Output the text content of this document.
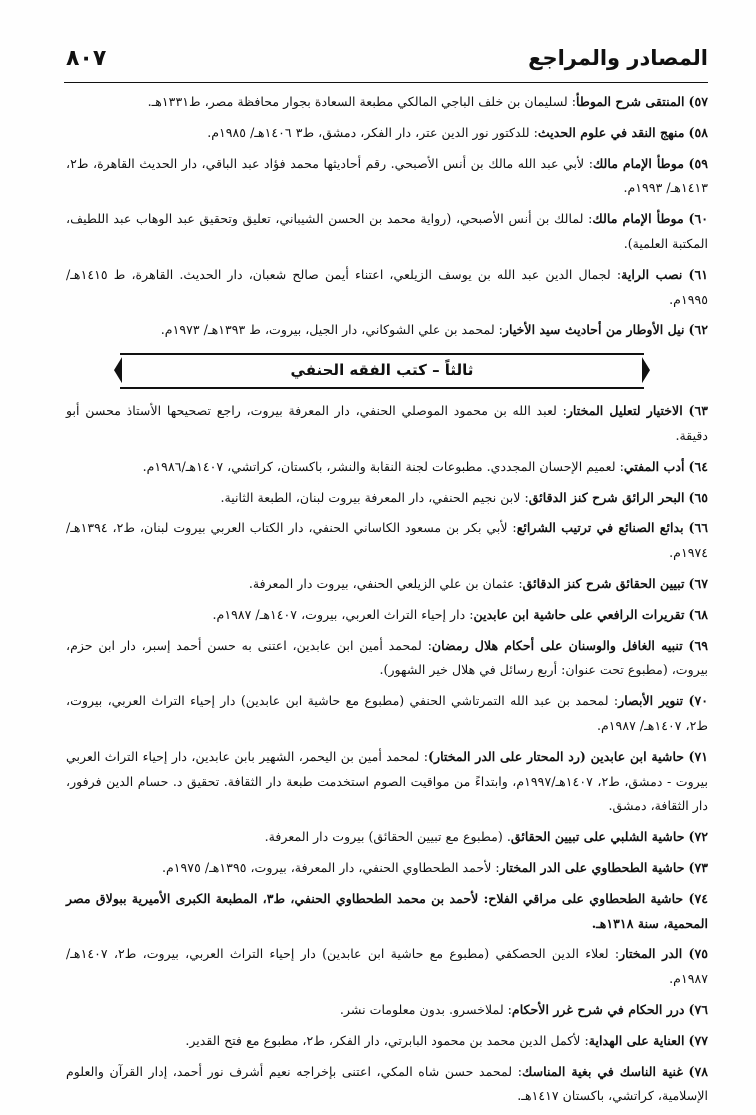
٨٠٧	المصادر والمراجع

٥٧) المنتقى شرح الموطأ: لسليمان بن خلف الباجي المالكي مطبعة السعادة بجوار محافظة مصر، ط١٣٣١هـ.

٥٨) منهج النقد في علوم الحديث: للدكتور نور الدين عتر، دار الفكر، دمشق، ط٣ ١٤٠٦هـ/ ١٩٨٥م.

٥٩) موطأ الإمام مالك: لأبي عبد الله مالك بن أنس الأصبحي. رقم أحاديثها محمد فؤاد عبد الباقي، دار الحديث القاهرة، ط٢، ١٤١٣هـ/ ١٩٩٣م.

٦٠) موطأ الإمام مالك: لمالك بن أنس الأصبحي، (رواية محمد بن الحسن الشيباني، تعليق وتحقيق عبد الوهاب عبد اللطيف، المكتبة العلمية).

٦١) نصب الراية: لجمال الدين عبد الله بن يوسف الزيلعي، اعتناء أيمن صالح شعبان، دار الحديث. القاهرة، ط ١٤١٥هـ/ ١٩٩٥م.

٦٢) نيل الأوطار من أحاديث سيد الأخيار: لمحمد بن علي الشوكاني، دار الجيل، بيروت، ط ١٣٩٣هـ/ ١٩٧٣م.

ثالثاً – كتب الفقه الحنفي

٦٣) الاختيار لتعليل المختار: لعبد الله بن محمود الموصلي الحنفي، دار المعرفة بيروت، راجع تصحيحها الأستاذ محسن أبو دقيقة.

٦٤) أدب المفتي: لعميم الإحسان المجددي. مطبوعات لجنة النقابة والنشر، باكستان، كراتشي، ١٤٠٧هـ/١٩٨٦م.

٦٥) البحر الرائق شرح كنز الدقائق: لابن نجيم الحنفي، دار المعرفة بيروت لبنان، الطبعة الثانية.

٦٦) بدائع الصنائع في ترتيب الشرائع: لأبي بكر بن مسعود الكاساني الحنفي، دار الكتاب العربي بيروت لبنان، ط٢، ١٣٩٤هـ/ ١٩٧٤م.

٦٧) تبيين الحقائق شرح كنز الدقائق: عثمان بن علي الزيلعي الحنفي، بيروت دار المعرفة.

٦٨) تقريرات الرافعي على حاشية ابن عابدين: دار إحياء التراث العربي، بيروت، ١٤٠٧هـ/ ١٩٨٧م.

٦٩) تنبيه الغافل والوسنان على أحكام هلال رمضان: لمحمد أمين ابن عابدين، اعتنى به حسن أحمد إسبر، دار ابن حزم، بيروت، (مطبوع تحت عنوان: أربع رسائل في هلال خير الشهور).

٧٠) تنوير الأبصار: لمحمد بن عبد الله التمرتاشي الحنفي (مطبوع مع حاشية ابن عابدين) دار إحياء التراث العربي، بيروت، ط٢، ١٤٠٧هـ/ ١٩٨٧م.

٧١) حاشية ابن عابدين (رد المحتار على الدر المختار): لمحمد أمين بن اليحمر، الشهير بابن عابدين، دار إحياء التراث العربي بيروت - دمشق، ط٢، ١٤٠٧هـ/١٩٩٧م، وابتداءً من مواقيت الصوم استخدمت طبعة دار الثقافة. تحقيق د. حسام الدين فرفور، دار الثقافة، دمشق.

٧٢) حاشية الشلبي على تبيين الحقائق. (مطبوع مع تبيين الحقائق) بيروت دار المعرفة.

٧٣) حاشية الطحطاوي على الدر المختار: لأحمد الطحطاوي الحنفي، دار المعرفة، بيروت، ١٣٩٥هـ/ ١٩٧٥م.

٧٤) حاشية الطحطاوي على مراقي الفلاح: لأحمد بن محمد الطحطاوي الحنفي، ط٣، المطبعة الكبرى الأميرية ببولاق مصر المحمية، سنة ١٣١٨هـ.

٧٥) الدر المختار: لعلاء الدين الحصكفي (مطبوع مع حاشية ابن عابدين) دار إحياء التراث العربي، بيروت، ط٢، ١٤٠٧هـ/ ١٩٨٧م.

٧٦) درر الحكام في شرح غرر الأحكام: لملاخسرو. بدون معلومات نشر.

٧٧) العناية على الهداية: لأكمل الدين محمد بن محمود البابرتي، دار الفكر، ط٢، مطبوع مع فتح القدير.

٧٨) غنية الناسك في بغية المناسك: لمحمد حسن شاه المكي، اعتنى بإخراجه نعيم أشرف نور أحمد، إدار القرآن والعلوم الإسلامية، كراتشي، باكستان ١٤١٧هـ.
